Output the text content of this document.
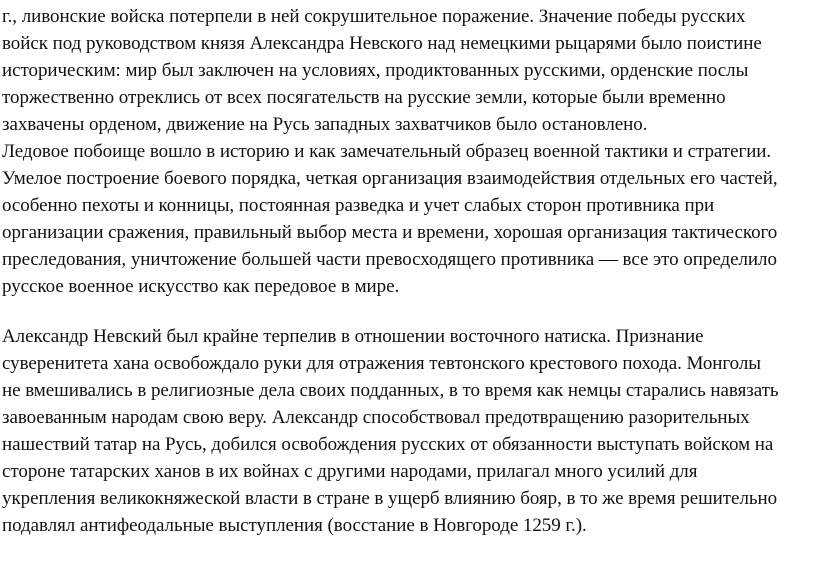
г., ливонские войска потерпели в ней сокрушительное поражение. Значение победы русских
войск под руководством князя Александра Невского над немецкими рыцарями было поистине
историческим: мир был заключен на условиях, продиктованных русскими, орденские послы
торжественно отреклись от всех посягательств на русские земли, которые были временно
захвачены орденом, движение на Русь западных захватчиков было остановлено.
Ледовое побоище вошло в историю и как замечательный образец военной тактики и стратегии.
Умелое построение боевого порядка, четкая организация взаимодействия отдельных его частей,
особенно пехоты и конницы, постоянная разведка и учет слабых сторон противника при
организации сражения, правильный выбор места и времени, хорошая организация тактического
преследования, уничтожение большей части превосходящего противника — все это определило
русское военное искусство как передовое в мире.
Александр Невский был крайне терпелив в отношении восточного натиска. Признание
суверенитета хана освобождало руки для отражения тевтонского крестового похода. Монголы
не вмешивались в религиозные дела своих подданных, в то время как немцы старались навязать
завоеванным народам свою веру. Александр способствовал предотвращению разорительных
нашествий татар на Русь, добился освобождения русских от обязанности выступать войском на
стороне татарских ханов в их войнах с другими народами, прилагал много усилий для
укрепления великокняжеской власти в стране в ущерб влиянию бояр, в то же время решительно
подавлял антифеодальные выступления (восстание в Новгороде 1259 г.).
